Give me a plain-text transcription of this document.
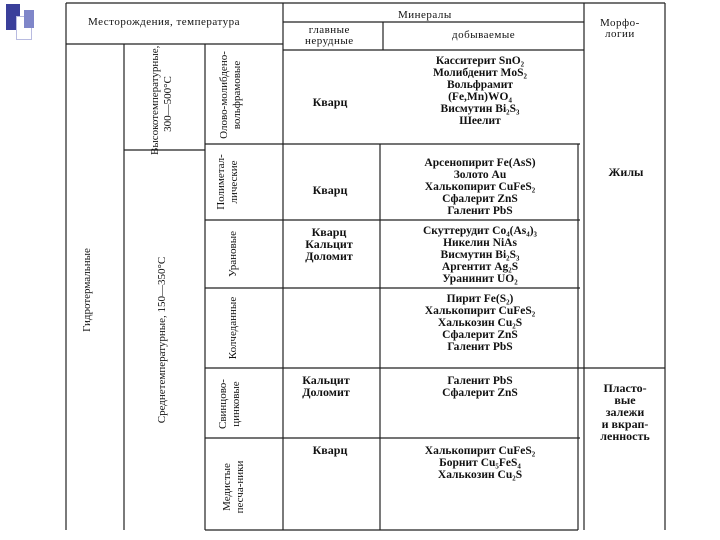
Месторождения, температура
Минералы
главные
нерудные	добываемые
Морфо-
логии
Гидротермальные
Высокотемпературные, 300—500°С
Среднетемпературные, 150—350°С
Олово-молибдено-вольфрамовые
Полиметал-лические
Урановые
Колчеданные
Свинцово-цинковые
Медистые песча-ники
Кварц
Кварц
Кварц
Кальцит
Доломит
Кальцит
Доломит
Кварц
Касситерит SnO₂
Молибденит MoS₂
Вольфрамит
(Fe,Mn)WO₄
Висмутин Bi₂S₃
Шеелит
Арсенопирит Fe(AsS)
Золото Au
Халькопирит CuFeS₂
Сфалерит ZnS
Галенит PbS
Скуттерудит Co₄(As₄)₃
Никелин NiAs
Висмутин Bi₂S₃
Аргентит Ag₂S
Уранинит UO₂
Пирит Fe(S₂)
Халькопирит CuFeS₂
Халькозин Cu₂S
Сфалерит ZnS
Галенит PbS
Галенит PbS
Сфалерит ZnS
Халькопирит CuFeS₂
Борнит Cu₅FeS₄
Халькозин Cu₂S
Жилы
Пласто-
вые
залежи
и вкрап-
ленность
